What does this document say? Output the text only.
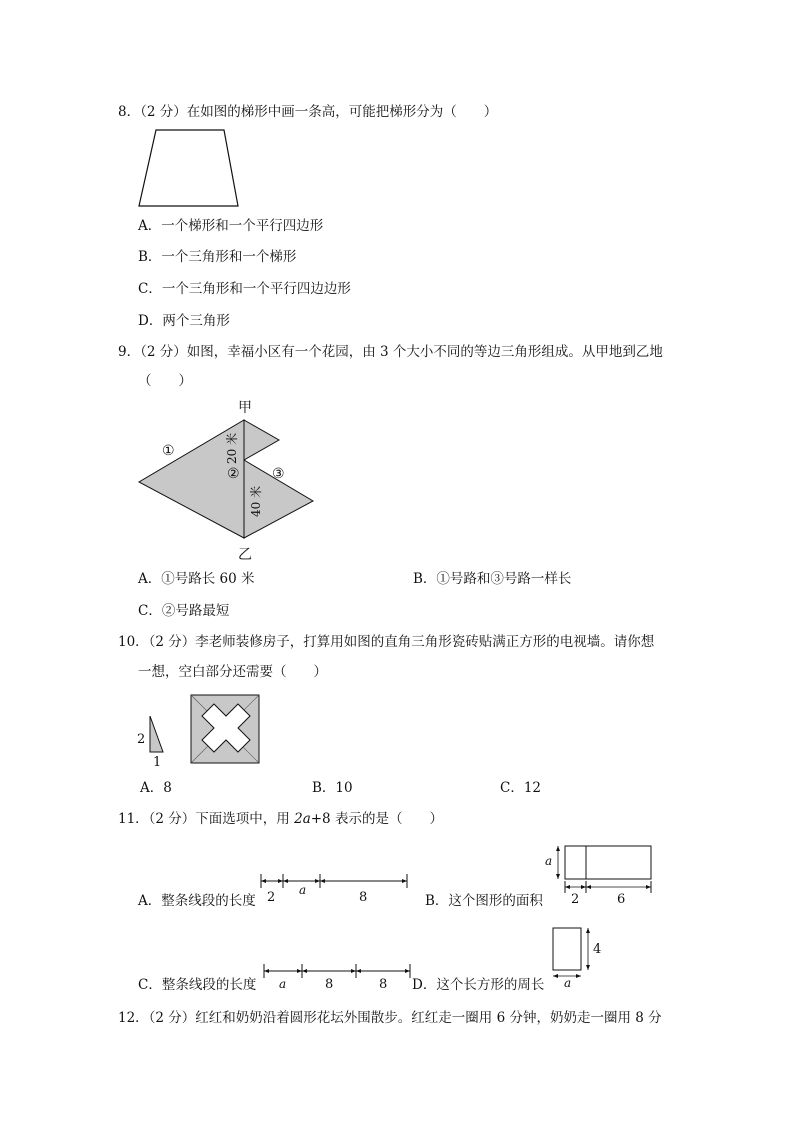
8．（2 分）在如图的梯形中画一条高，可能把梯形分为（　　）
A．一个梯形和一个平行四边形
B．一个三角形和一个梯形
C．一个三角形和一个平行四边边形
D．两个三角形
9．（2 分）如图，幸福小区有一个花园，由 3 个大小不同的等边三角形组成。从甲地到乙地
（　　）
甲
乙
①
② ③
20 米
40 米
A．①号路长 60 米	B．①号路和③号路一样长
C．②号路最短
10．（2 分）李老师装修房子，打算用如图的直角三角形瓷砖贴满正方形的电视墙。请你想
一想，空白部分还需要（　　）
2
1
A．8	B．10	C．12
11．（2 分）下面选项中，用 2a+8 表示的是（　　）
A．整条线段的长度 2 a	8	B．这个图形的面积
a
2	6
C．整条线段的长度 a	8	8 D．这个长方形的周长
4
a
12．（2 分）红红和奶奶沿着圆形花坛外围散步。红红走一圈用 6 分钟，奶奶走一圈用 8 分
